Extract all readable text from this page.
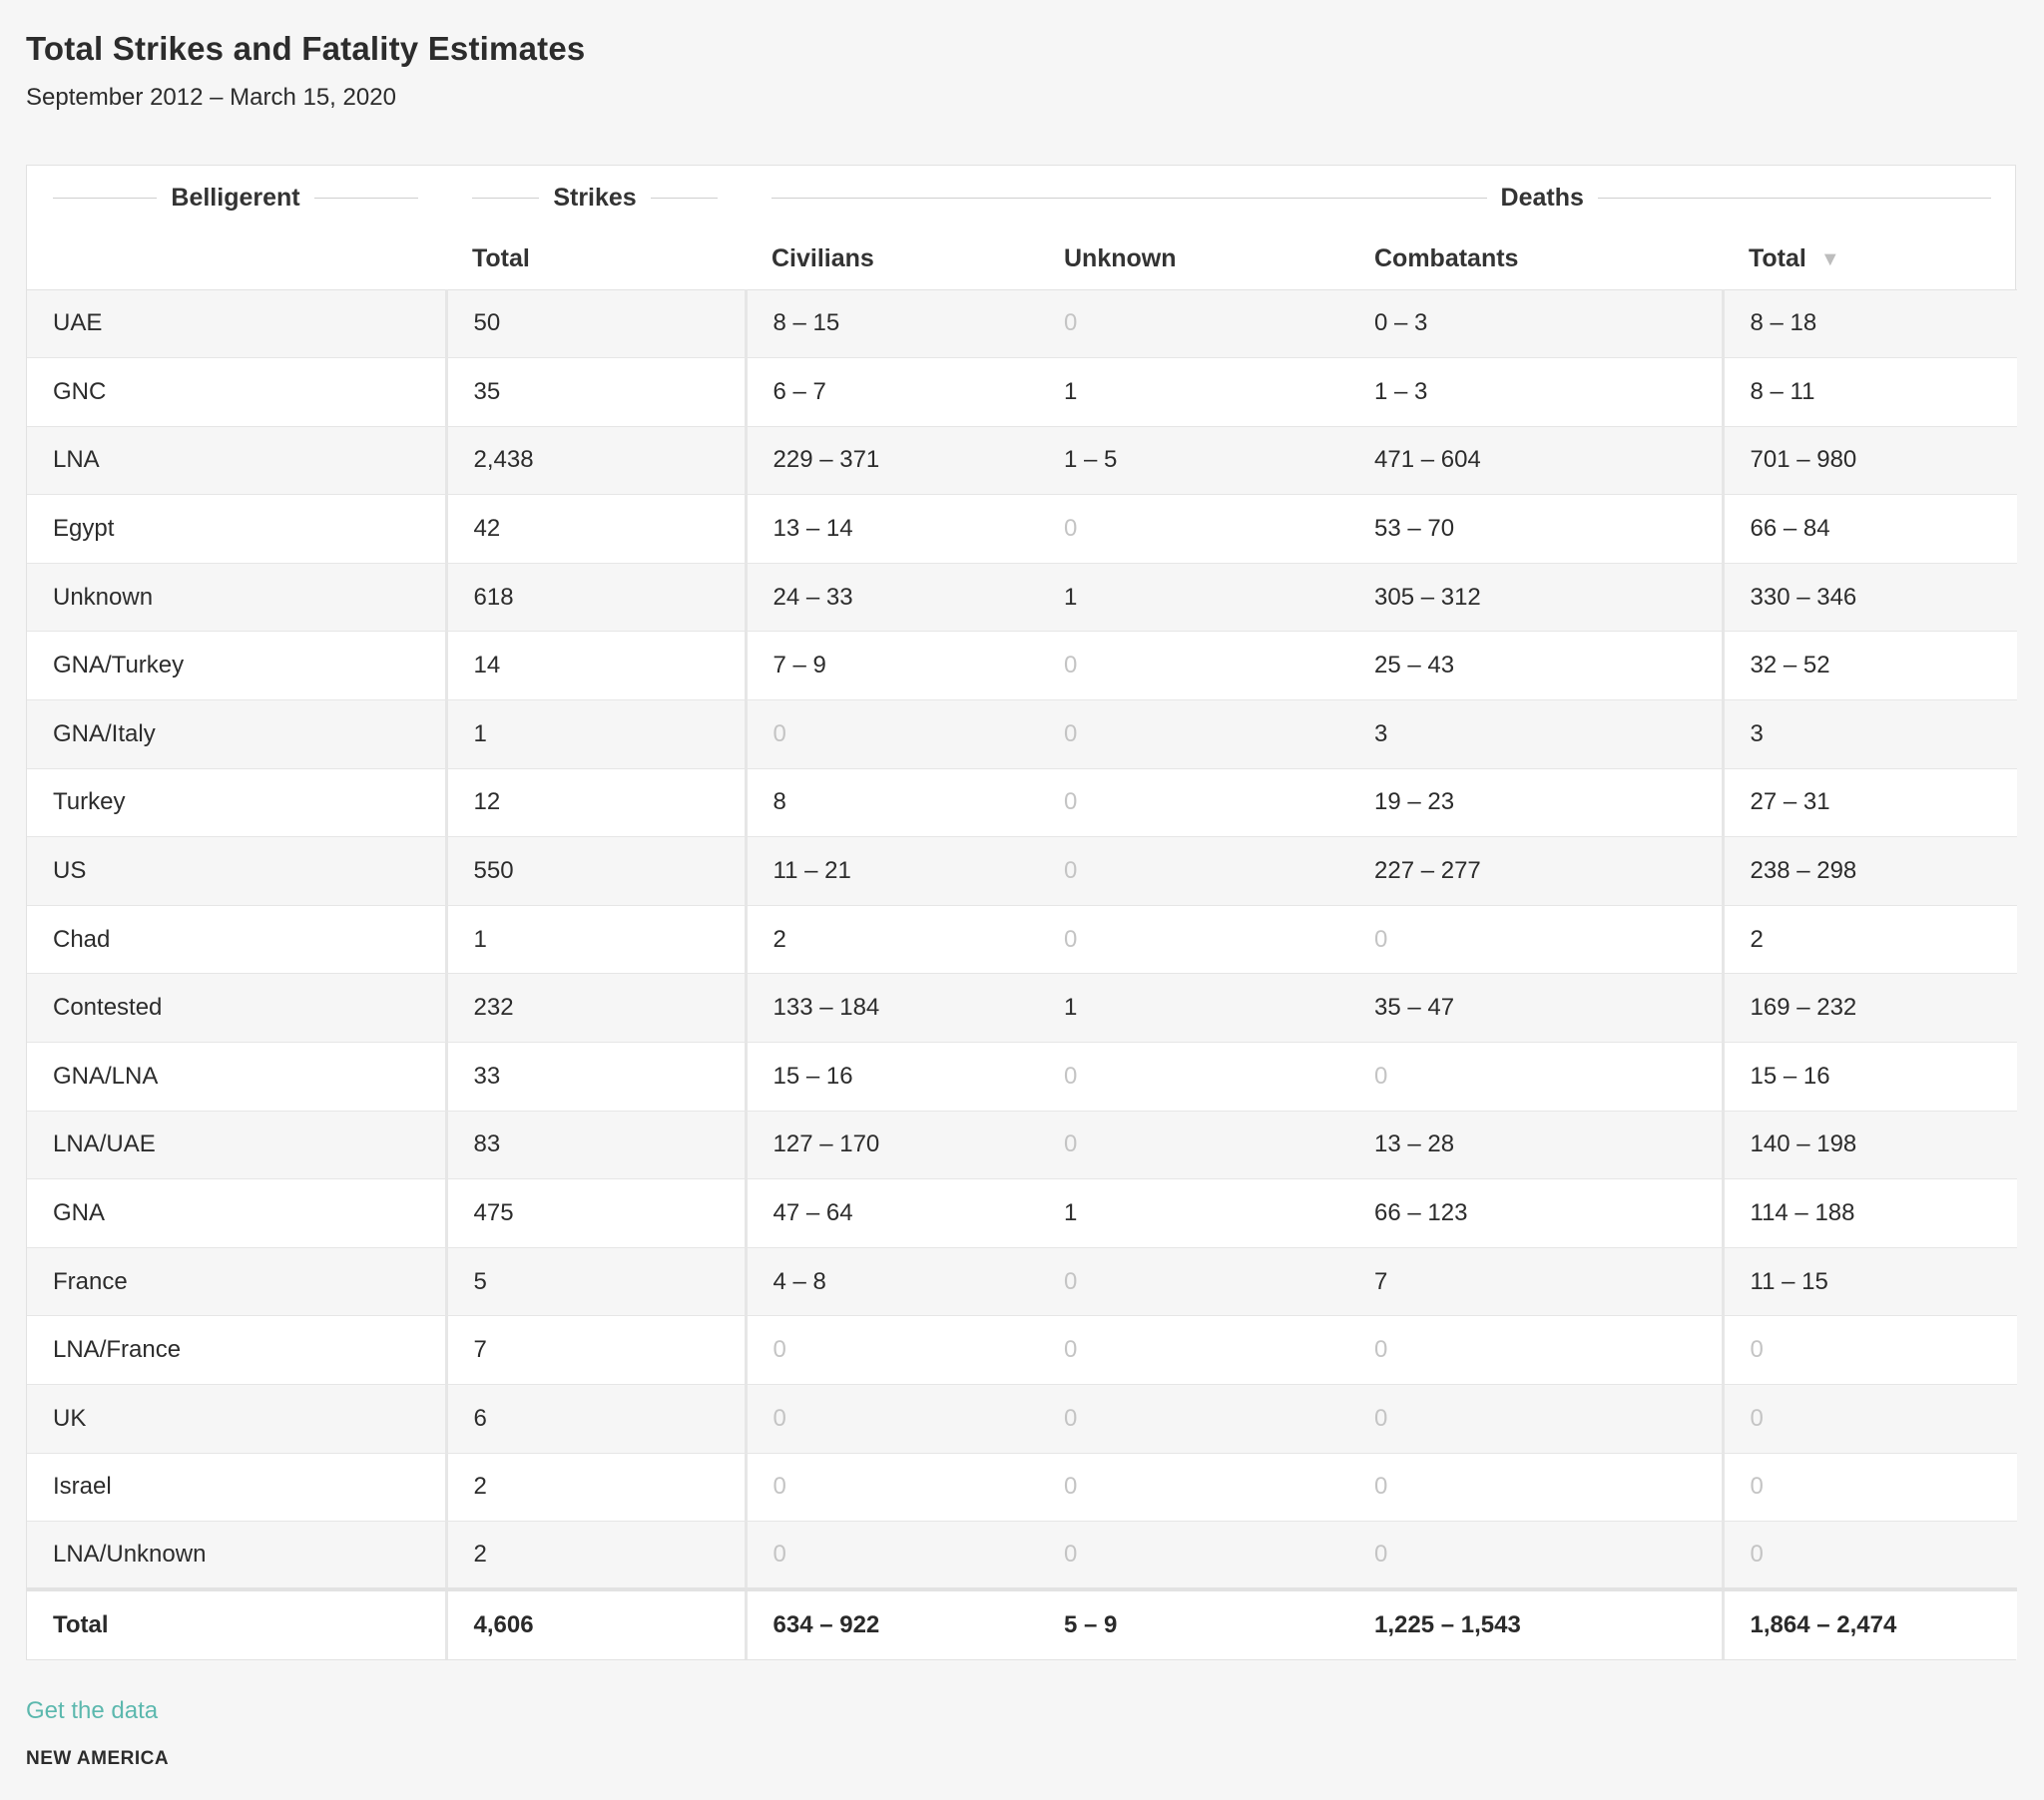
Total Strikes and Fatality Estimates
September 2012 – March 15, 2020
Belligerent	Strikes	Deaths			

	Total	Civilians	Unknown	Combatants	Total ▼
UAE	50	8 – 15	0	0 – 3	8 – 18
GNC	35	6 – 7	1	1 – 3	8 – 11
LNA	2,438	229 – 371	1 – 5	471 – 604	701 – 980
Egypt	42	13 – 14	0	53 – 70	66 – 84
Unknown	618	24 – 33	1	305 – 312	330 – 346
GNA/Turkey	14	7 – 9	0	25 – 43	32 – 52
GNA/Italy	1	0	0	3	3
Turkey	12	8	0	19 – 23	27 – 31
US	550	11 – 21	0	227 – 277	238 – 298
Chad	1	2	0	0	2
Contested	232	133 – 184	1	35 – 47	169 – 232
GNA/LNA	33	15 – 16	0	0	15 – 16
LNA/UAE	83	127 – 170	0	13 – 28	140 – 198
GNA	475	47 – 64	1	66 – 123	114 – 188
France	5	4 – 8	0	7	11 – 15
LNA/France	7	0	0	0	0
UK	6	0	0	0	0
Israel	2	0	0	0	0
LNA/Unknown	2	0	0	0	0
Total	4,606	634 – 922	5 – 9	1,225 – 1,543	1,864 – 2,474
Get the data
NEW AMERICA
